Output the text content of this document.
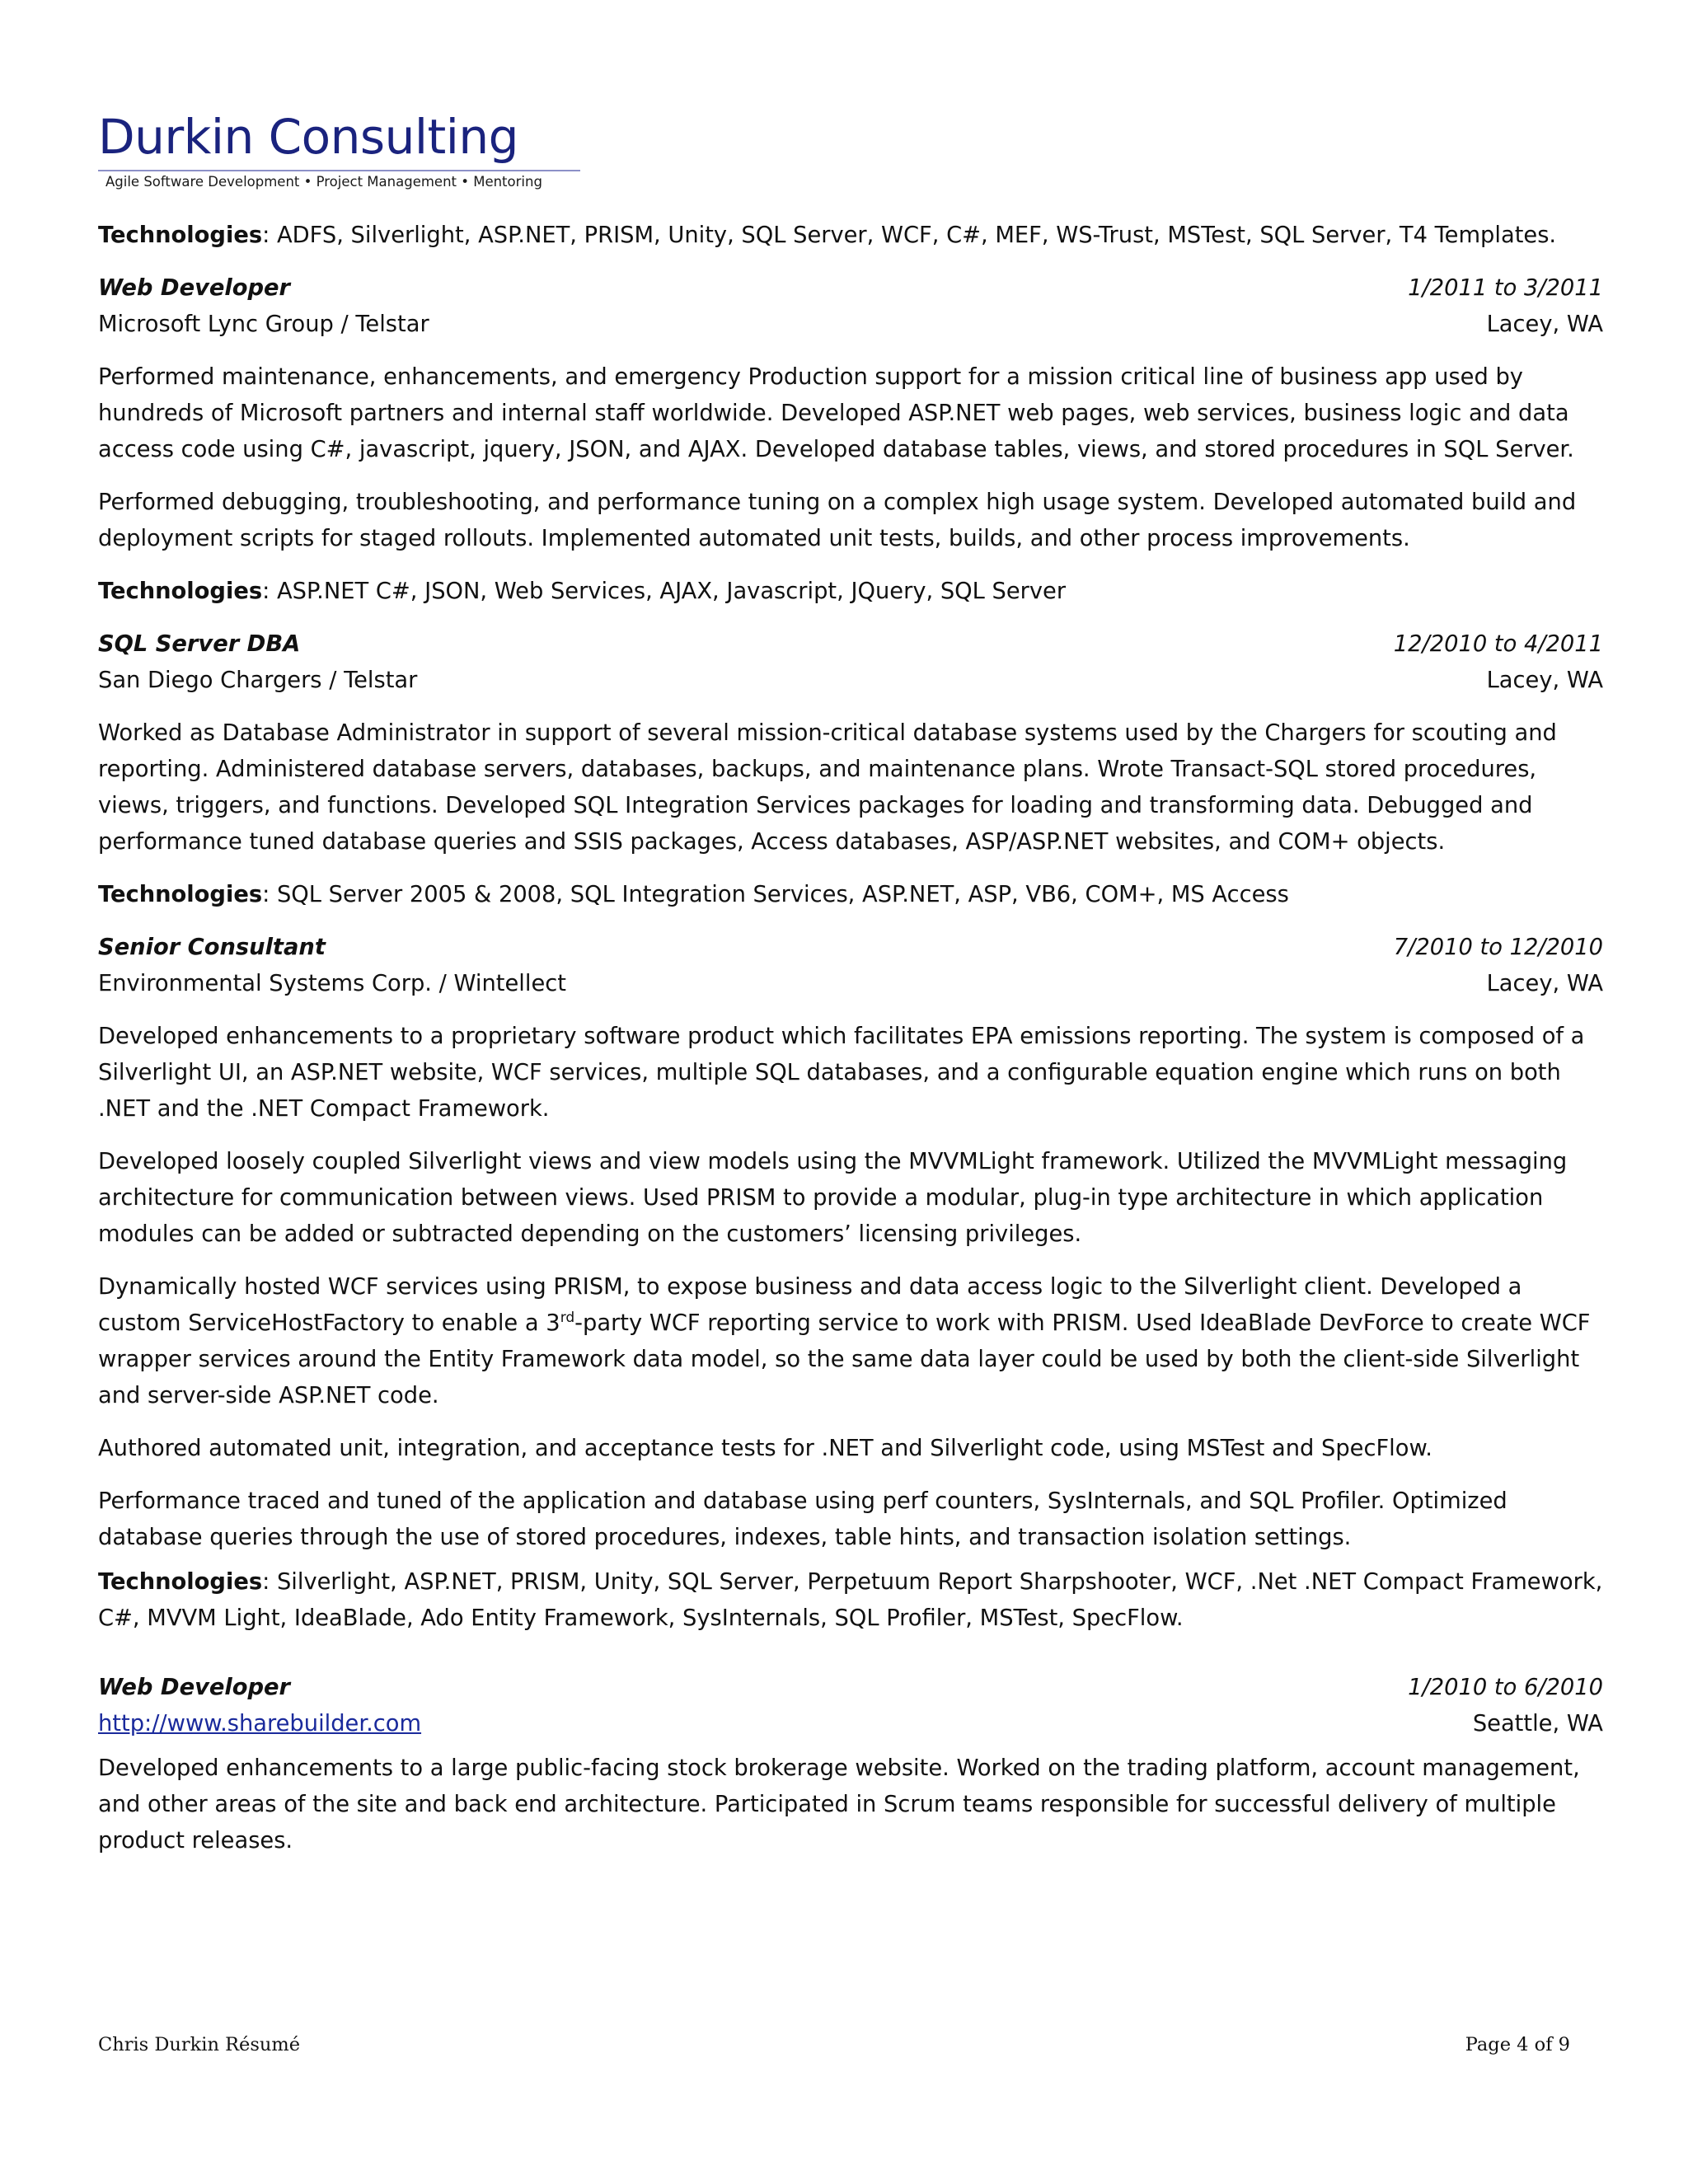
Durkin Consulting
Agile Software Development • Project Management • Mentoring

Technologies: ADFS, Silverlight, ASP.NET, PRISM, Unity, SQL Server, WCF, C#, MEF, WS-Trust, MSTest, SQL Server, T4 Templates.

Web Developer	1/2011 to 3/2011
Microsoft Lync Group / Telstar	Lacey, WA

Performed maintenance, enhancements, and emergency Production support for a mission critical line of business app used by hundreds of Microsoft partners and internal staff worldwide. Developed ASP.NET web pages, web services, business logic and data access code using C#, javascript, jquery, JSON, and AJAX. Developed database tables, views, and stored procedures in SQL Server.

Performed debugging, troubleshooting, and performance tuning on a complex high usage system. Developed automated build and deployment scripts for staged rollouts. Implemented automated unit tests, builds, and other process improvements.

Technologies: ASP.NET C#, JSON, Web Services, AJAX, Javascript, JQuery, SQL Server

SQL Server DBA	12/2010 to 4/2011
San Diego Chargers / Telstar	Lacey, WA

Worked as Database Administrator in support of several mission-critical database systems used by the Chargers for scouting and reporting. Administered database servers, databases, backups, and maintenance plans. Wrote Transact-SQL stored procedures, views, triggers, and functions. Developed SQL Integration Services packages for loading and transforming data. Debugged and performance tuned database queries and SSIS packages, Access databases, ASP/ASP.NET websites, and COM+ objects.

Technologies: SQL Server 2005 & 2008, SQL Integration Services, ASP.NET, ASP, VB6, COM+, MS Access

Senior Consultant	7/2010 to 12/2010
Environmental Systems Corp. / Wintellect	Lacey, WA

Developed enhancements to a proprietary software product which facilitates EPA emissions reporting. The system is composed of a Silverlight UI, an ASP.NET website, WCF services, multiple SQL databases, and a configurable equation engine which runs on both .NET and the .NET Compact Framework.

Developed loosely coupled Silverlight views and view models using the MVVMLight framework. Utilized the MVVMLight messaging architecture for communication between views. Used PRISM to provide a modular, plug-in type architecture in which application modules can be added or subtracted depending on the customers’ licensing privileges.

Dynamically hosted WCF services using PRISM, to expose business and data access logic to the Silverlight client. Developed a custom ServiceHostFactory to enable a 3rd-party WCF reporting service to work with PRISM. Used IdeaBlade DevForce to create WCF wrapper services around the Entity Framework data model, so the same data layer could be used by both the client-side Silverlight and server-side ASP.NET code.

Authored automated unit, integration, and acceptance tests for .NET and Silverlight code, using MSTest and SpecFlow.

Performance traced and tuned of the application and database using perf counters, SysInternals, and SQL Profiler. Optimized database queries through the use of stored procedures, indexes, table hints, and transaction isolation settings.

Technologies: Silverlight, ASP.NET, PRISM, Unity, SQL Server, Perpetuum Report Sharpshooter, WCF, .Net .NET Compact Framework, C#, MVVM Light, IdeaBlade, Ado Entity Framework, SysInternals, SQL Profiler, MSTest, SpecFlow.

Web Developer	1/2010 to 6/2010
http://www.sharebuilder.com	Seattle, WA

Developed enhancements to a large public-facing stock brokerage website. Worked on the trading platform, account management, and other areas of the site and back end architecture. Participated in Scrum teams responsible for successful delivery of multiple product releases.

Chris Durkin Résumé	Page 4 of 9
